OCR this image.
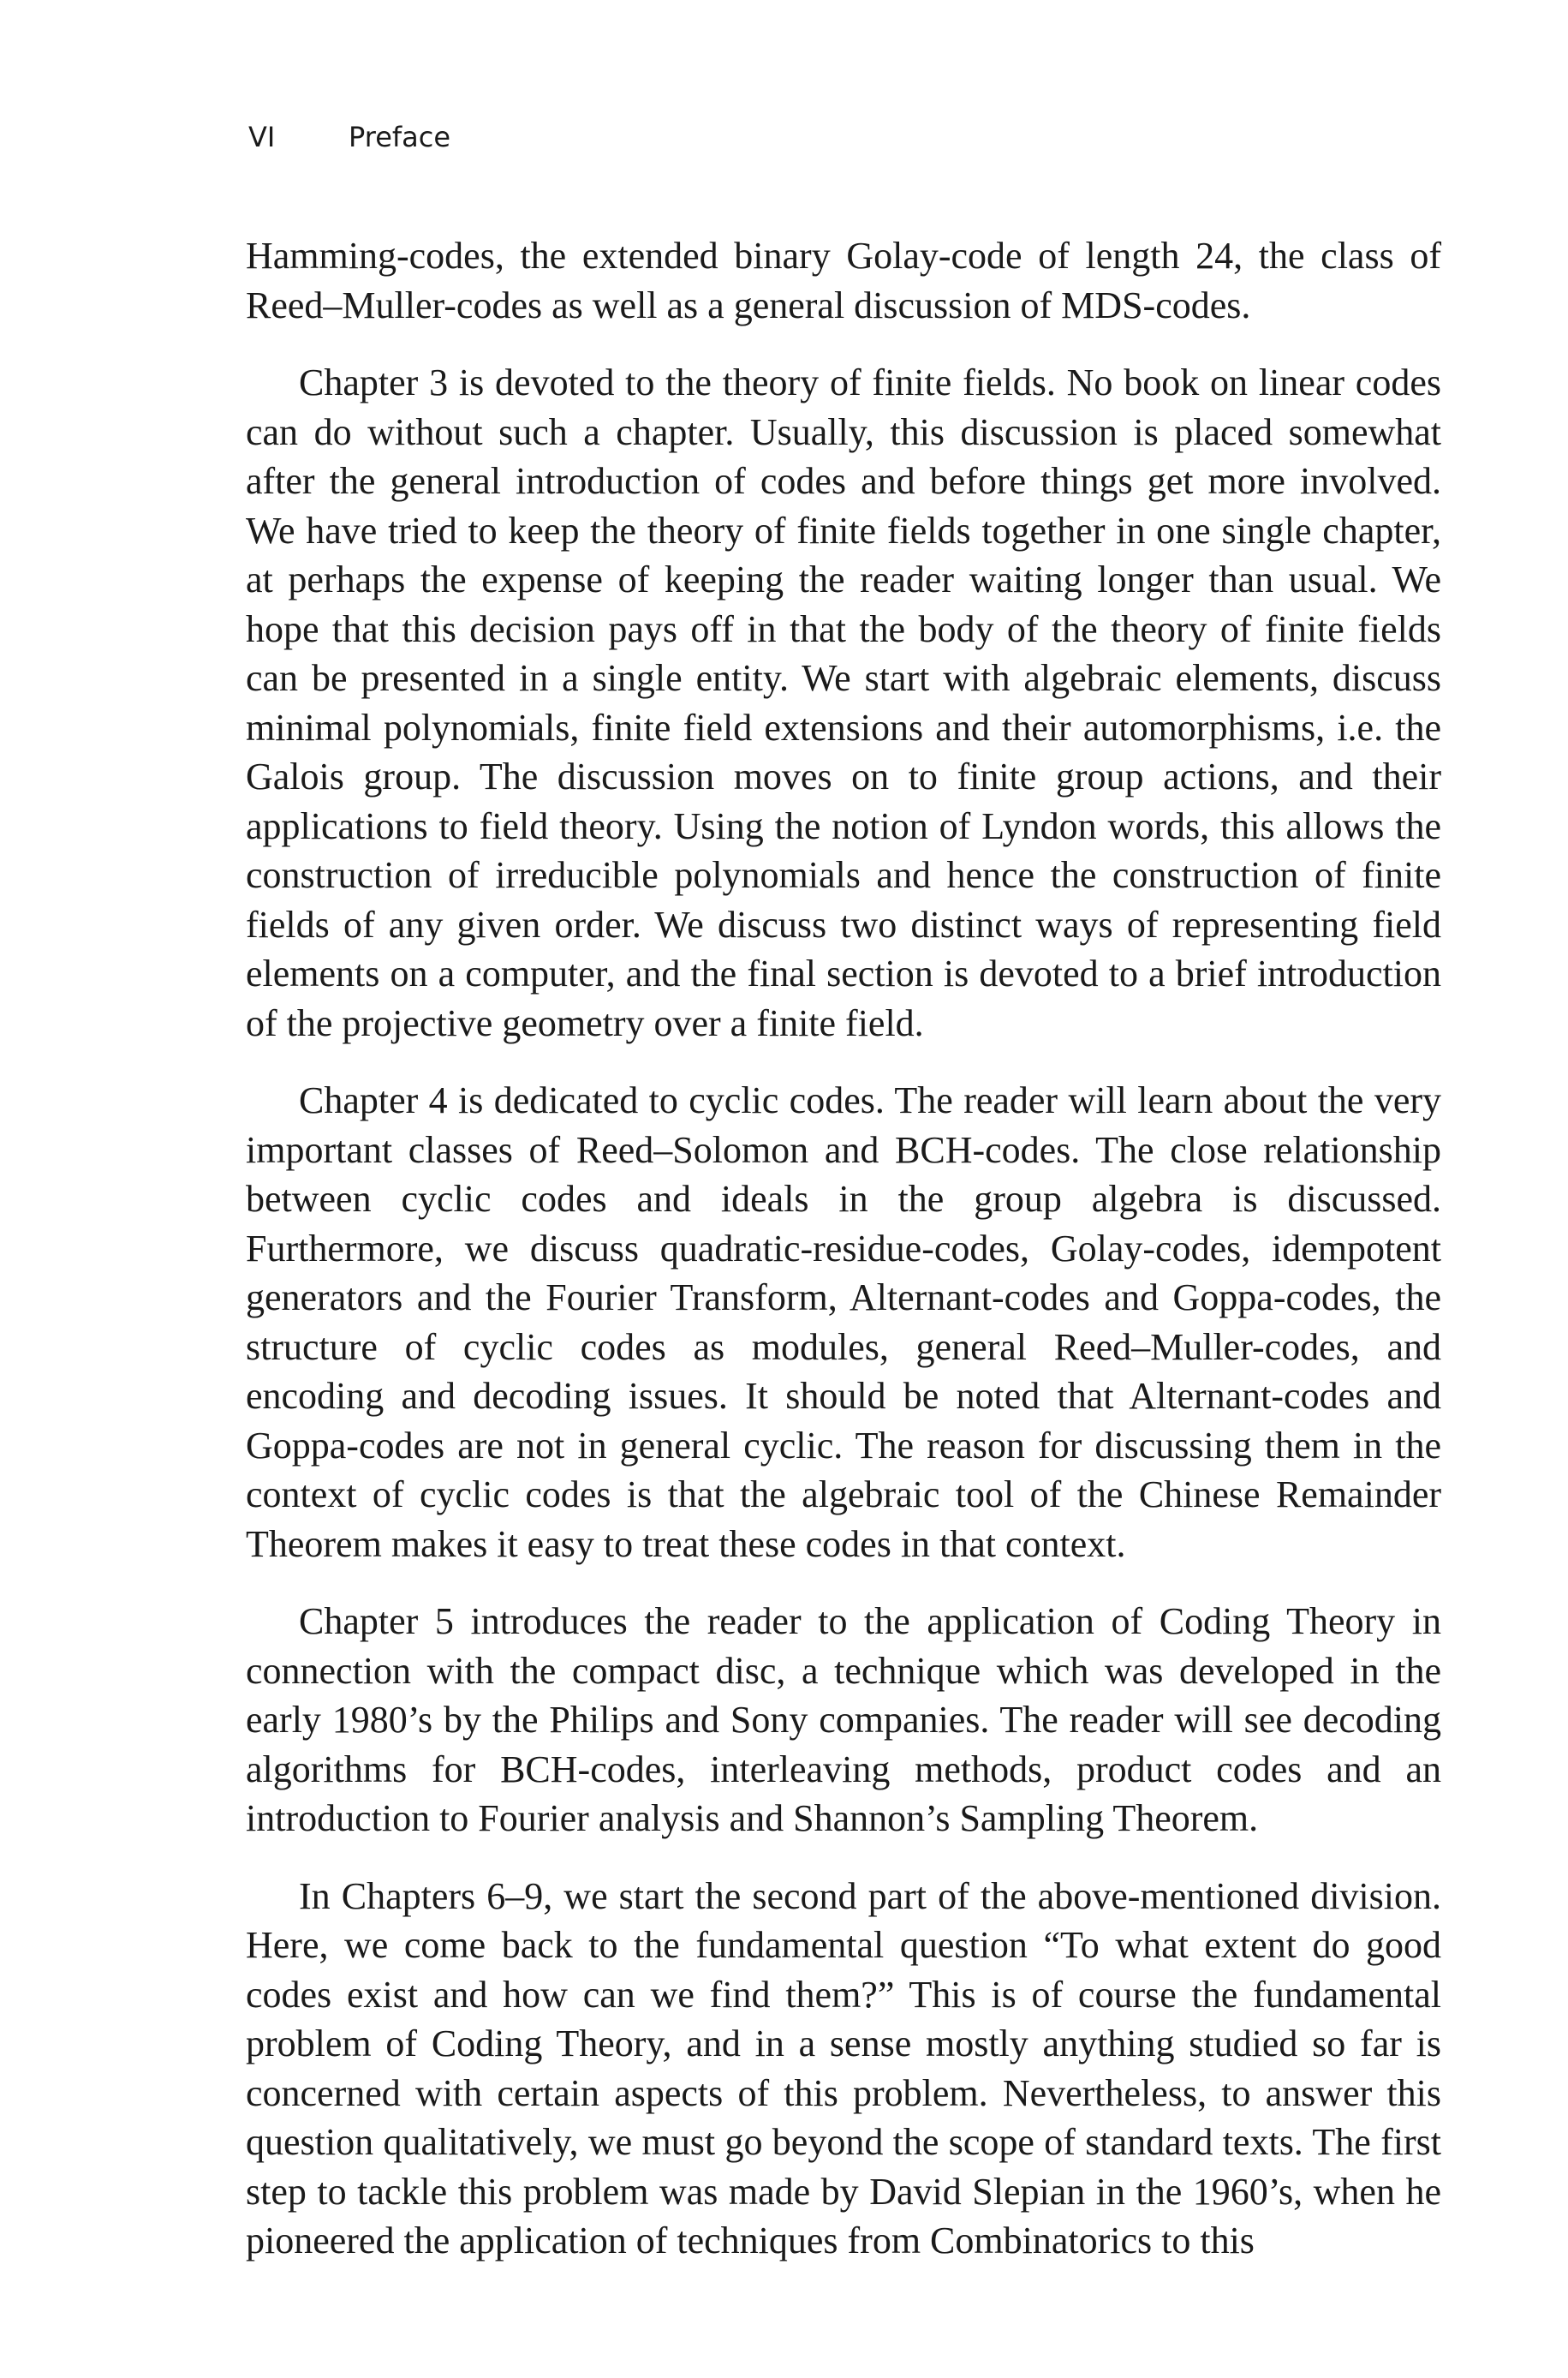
VI	Preface

Hamming-codes, the extended binary Golay-code of length 24, the class of Reed–Muller-codes as well as a general discussion of MDS-codes.

Chapter 3 is devoted to the theory of finite fields. No book on linear codes can do without such a chapter. Usually, this discussion is placed somewhat after the general introduction of codes and before things get more involved. We have tried to keep the theory of finite fields together in one single chapter, at perhaps the expense of keeping the reader waiting longer than usual. We hope that this decision pays off in that the body of the theory of finite fields can be presented in a single entity. We start with algebraic elements, discuss minimal polynomials, finite field extensions and their automorphisms, i.e. the Galois group. The discussion moves on to finite group actions, and their applications to field theory. Using the notion of Lyndon words, this allows the construction of irreducible polynomials and hence the construction of finite fields of any given order. We discuss two distinct ways of representing field elements on a computer, and the final section is devoted to a brief introduction of the projective geometry over a finite field.

Chapter 4 is dedicated to cyclic codes. The reader will learn about the very important classes of Reed–Solomon and BCH-codes. The close relationship between cyclic codes and ideals in the group algebra is discussed. Furthermore, we discuss quadratic-residue-codes, Golay-codes, idempotent generators and the Fourier Transform, Alternant-codes and Goppa-codes, the structure of cyclic codes as modules, general Reed–Muller-codes, and encoding and decoding issues. It should be noted that Alternant-codes and Goppa-codes are not in general cyclic. The reason for discussing them in the context of cyclic codes is that the algebraic tool of the Chinese Remainder Theorem makes it easy to treat these codes in that context.

Chapter 5 introduces the reader to the application of Coding Theory in connection with the compact disc, a technique which was developed in the early 1980’s by the Philips and Sony companies. The reader will see decoding algorithms for BCH-codes, interleaving methods, product codes and an introduction to Fourier analysis and Shannon’s Sampling Theorem.

In Chapters 6–9, we start the second part of the above-mentioned division. Here, we come back to the fundamental question “To what extent do good codes exist and how can we find them?” This is of course the fundamental problem of Coding Theory, and in a sense mostly anything studied so far is concerned with certain aspects of this problem. Nevertheless, to answer this question qualitatively, we must go beyond the scope of standard texts. The first step to tackle this problem was made by David Slepian in the 1960’s, when he pioneered the application of techniques from Combinatorics to this
